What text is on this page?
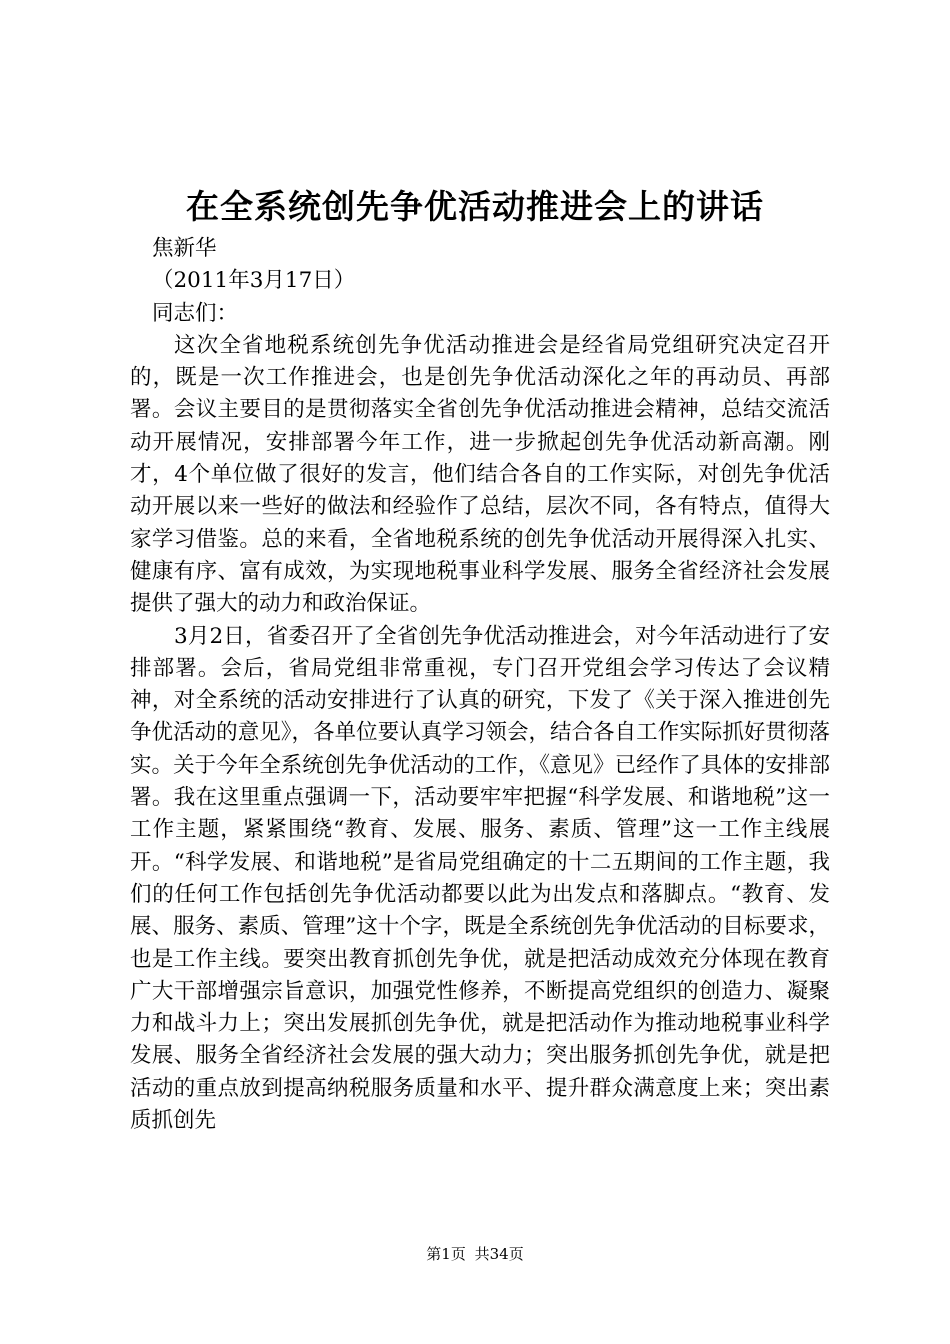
在全系统创先争优活动推进会上的讲话

焦新华

（2011年3月17日）

同志们：

这次全省地税系统创先争优活动推进会是经省局党组研究决定召开的，既是一次工作推进会，也是创先争优活动深化之年的再动员、再部署。会议主要目的是贯彻落实全省创先争优活动推进会精神，总结交流活动开展情况，安排部署今年工作，进一步掀起创先争优活动新高潮。刚才，4个单位做了很好的发言，他们结合各自的工作实际，对创先争优活动开展以来一些好的做法和经验作了总结，层次不同，各有特点，值得大家学习借鉴。总的来看，全省地税系统的创先争优活动开展得深入扎实、健康有序、富有成效，为实现地税事业科学发展、服务全省经济社会发展提供了强大的动力和政治保证。

3月2日，省委召开了全省创先争优活动推进会，对今年活动进行了安排部署。会后，省局党组非常重视，专门召开党组会学习传达了会议精神，对全系统的活动安排进行了认真的研究，下发了《关于深入推进创先争优活动的意见》，各单位要认真学习领会，结合各自工作实际抓好贯彻落实。关于今年全系统创先争优活动的工作，《意见》已经作了具体的安排部署。我在这里重点强调一下，活动要牢牢把握“科学发展、和谐地税”这一工作主题，紧紧围绕“教育、发展、服务、素质、管理”这一工作主线展开。“科学发展、和谐地税”是省局党组确定的十二五期间的工作主题，我们的任何工作包括创先争优活动都要以此为出发点和落脚点。“教育、发展、服务、素质、管理”这十个字，既是全系统创先争优活动的目标要求，也是工作主线。要突出教育抓创先争优，就是把活动成效充分体现在教育广大干部增强宗旨意识，加强党性修养，不断提高党组织的创造力、凝聚力和战斗力上；突出发展抓创先争优，就是把活动作为推动地税事业科学发展、服务全省经济社会发展的强大动力；突出服务抓创先争优，就是把活动的重点放到提高纳税服务质量和水平、提升群众满意度上来；突出素质抓创先

第1页 共34页
